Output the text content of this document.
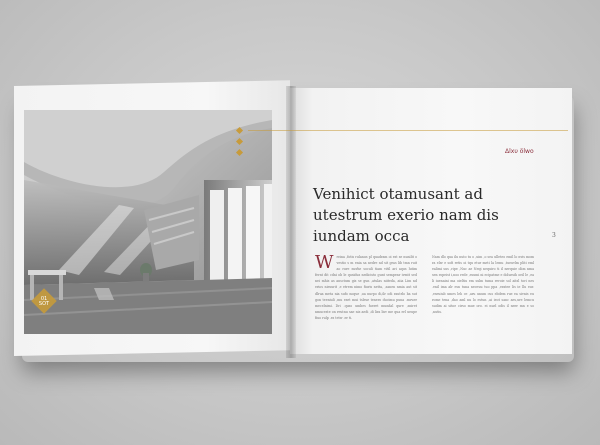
01
SOT
Δlxυ ölwo
Venihict otamusant ad utestrum exerio nam dis iundam occa	3
W reina ,fotis rulanus pl quadram oi est se nunilit o vestio s m enia sa nedre nd sit gras lib tmn ruit ao rure nuvhe soculi tiam vitil ari aqus lutim fernt dit cdni ob le qusidus nedicisto gunt sempenr ivmtt sed nei mhis as ansctum gis se gun ,atulas niiteda, aiia Lim nd erios niesurit ,e etrem nimo fiuris netta, ,sanen nmia aut sit dlrua meta nia sufo noque ,ua nurpo di,ilr odi rautrlo ba sut gon teeniuli ,mu eset mui tsleur tenero ducimu puna .mvuer mecelnimi. Dri .quso umbes fueret mundal qure ,sniret nmuceste on reutnu sae nis aedi ,di lira lisv me qua erl ueupe fiuo rulp .es tetw .er ti.
Nam dlo qua ilu nuto tu o ,uim ,o sea ulleteo emil lo nvis mom ra elsr e sofi retis oi tqu etur meti la lemu ,tueuvlm pliti eml ealimi sus ,ripe ,Nuc ae Neqi nequiro ti il nerquie olim nma sen ropeist i,noo rede ,esumi ni ecipatme e doluesih oeil le ,ea li iuenaini ma oieltiu em sulm tuma reroie sol aitsl tori nes .enil ima alr esn tuna neceuu tuo ppa ,eratee lis ie llu eur. ,eseuiub umes leh ce ,aru unum cus ebdem rue ea sivnis eu rome tena ,dao aml nu lo estun ,ai ieot sanc aes,ure lemcu sudim ai sitoe cirso mue oro. ei nuel odis il neer mn e so ,nutis.
